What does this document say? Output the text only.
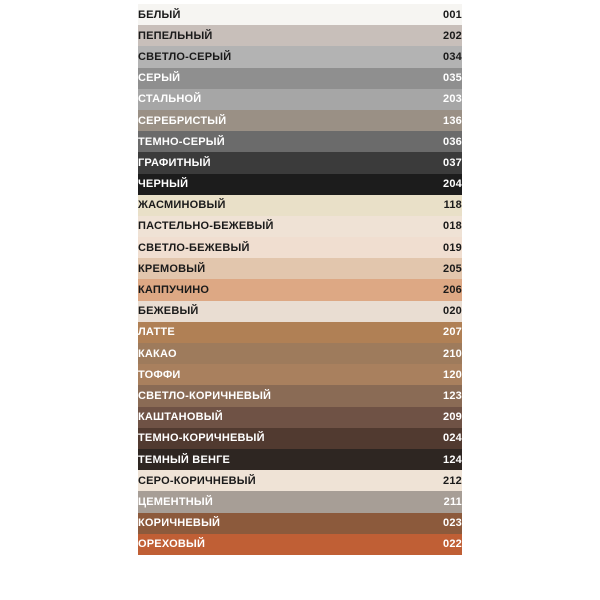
БЕЛЫЙ	001
ПЕПЕЛЬНЫЙ	202
СВЕТЛО-СЕРЫЙ	034
СЕРЫЙ	035
СТАЛЬНОЙ	203
СЕРЕБРИСТЫЙ	136
ТЕМНО-СЕРЫЙ	036
ГРАФИТНЫЙ	037
ЧЕРНЫЙ	204
ЖАСМИНОВЫЙ	118
ПАСТЕЛЬНО-БЕЖЕВЫЙ	018
СВЕТЛО-БЕЖЕВЫЙ	019
КРЕМОВЫЙ	205
КАППУЧИНО	206
БЕЖЕВЫЙ	020
ЛАТТЕ	207
КАКАО	210
ТОФФИ	120
СВЕТЛО-КОРИЧНЕВЫЙ	123
КАШТАНОВЫЙ	209
ТЕМНО-КОРИЧНЕВЫЙ	024
ТЕМНЫЙ ВЕНГЕ	124
СЕРО-КОРИЧНЕВЫЙ	212
ЦЕМЕНТНЫЙ	211
КОРИЧНЕВЫЙ	023
ОРЕХОВЫЙ	022
